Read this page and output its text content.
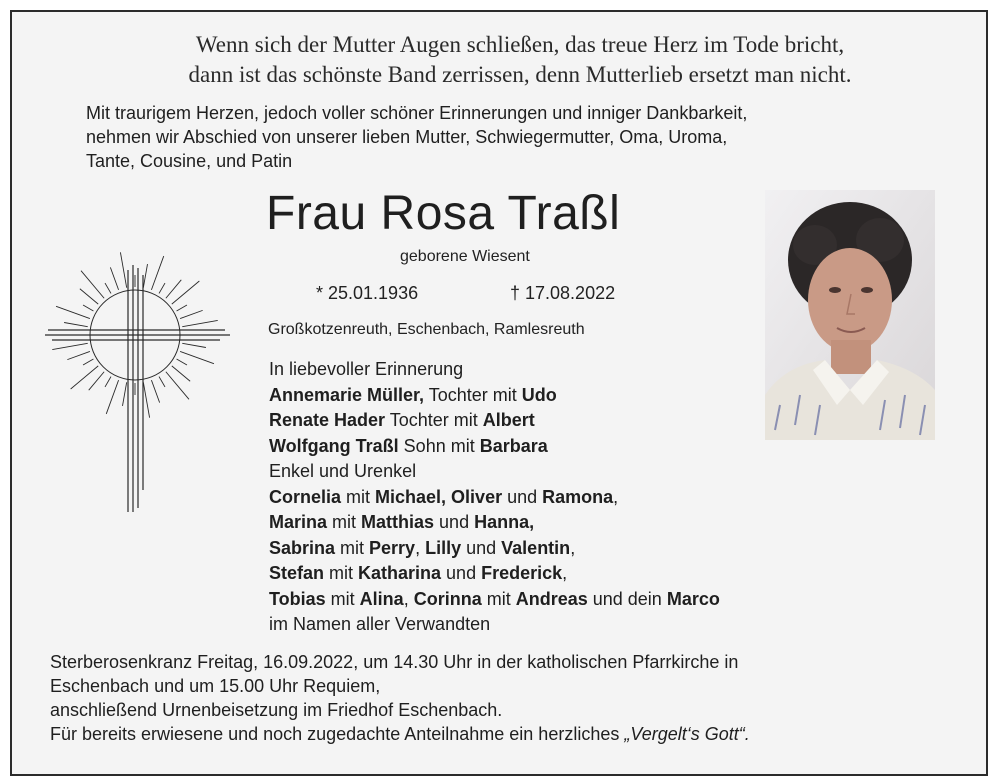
Wenn sich der Mutter Augen schließen, das treue Herz im Tode bricht,
dann ist das schönste Band zerrissen, denn Mutterlieb ersetzt man nicht.
Mit traurigem Herzen, jedoch voller schöner Erinnerungen und inniger Dankbarkeit,
nehmen wir Abschied von unserer lieben Mutter, Schwiegermutter, Oma, Uroma,
Tante, Cousine, und Patin
Frau Rosa Traßl
geborene Wiesent
* 25.01.1936	† 17.08.2022
Großkotzenreuth, Eschenbach, Ramlesreuth
In liebevoller Erinnerung
Annemarie Müller, Tochter mit Udo
Renate Hader Tochter mit Albert
Wolfgang Traßl Sohn mit Barbara
Enkel und Urenkel
Cornelia mit Michael, Oliver und Ramona,
Marina mit Matthias und Hanna,
Sabrina mit Perry, Lilly und Valentin,
Stefan mit Katharina und Frederick,
Tobias mit Alina, Corinna mit Andreas und dein Marco
im Namen aller Verwandten
Sterberosenkranz Freitag, 16.09.2022, um 14.30 Uhr in der katholischen Pfarrkirche in
Eschenbach und um 15.00 Uhr Requiem,
anschließend Urnenbeisetzung im Friedhof Eschenbach.
Für bereits erwiesene und noch zugedachte Anteilnahme ein herzliches „Vergelt‘s Gott“.
